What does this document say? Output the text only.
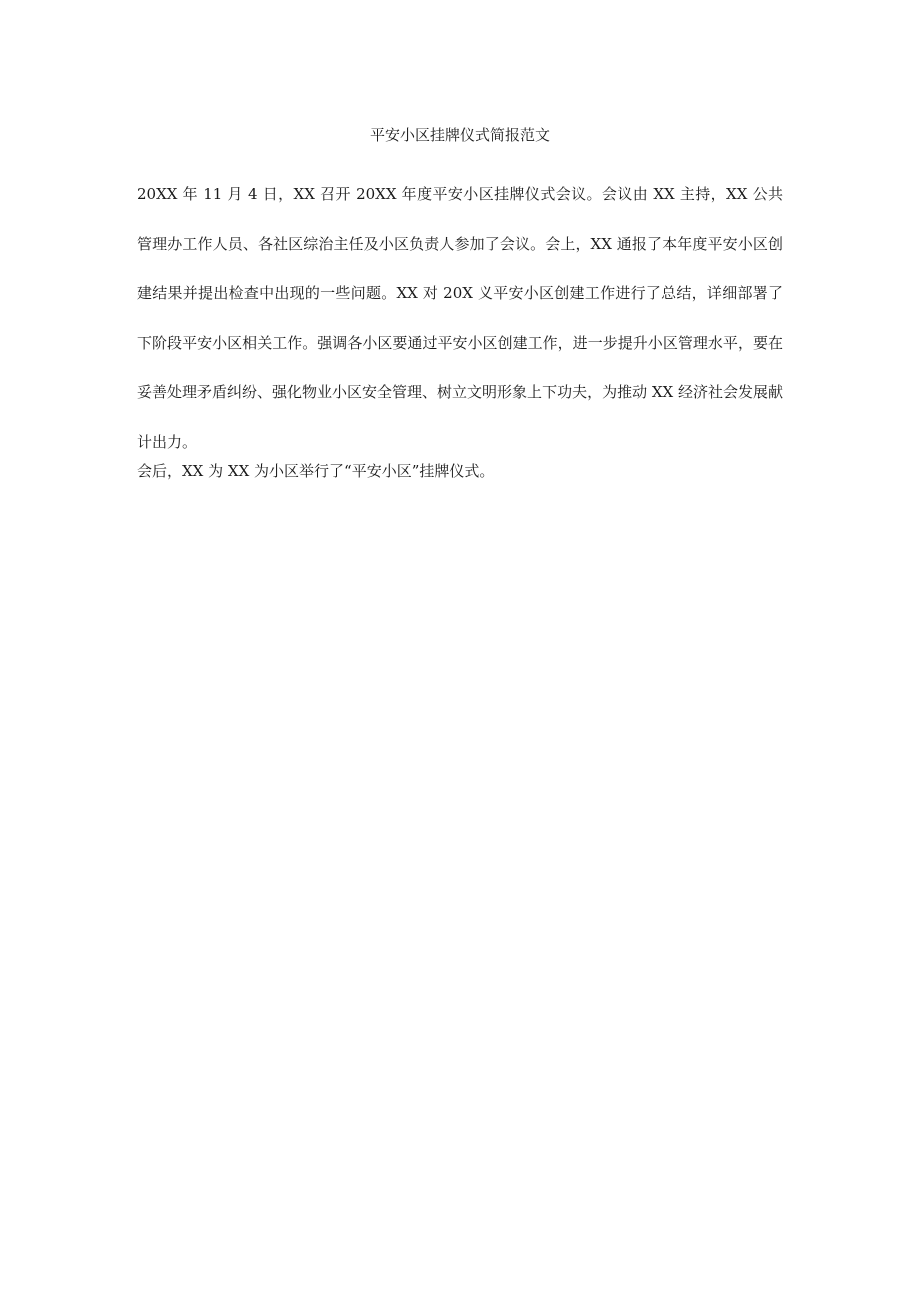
平安小区挂牌仪式简报范文

20XX 年 11 月 4 日，XX 召开 20XX 年度平安小区挂牌仪式会议。会议由 XX 主持，XX 公共管理办工作人员、各社区综治主任及小区负责人参加了会议。会上，XX 通报了本年度平安小区创建结果并提出检查中出现的一些问题。XX 对 20X 义平安小区创建工作进行了总结，详细部署了下阶段平安小区相关工作。强调各小区要通过平安小区创建工作，进一步提升小区管理水平，要在妥善处理矛盾纠纷、强化物业小区安全管理、树立文明形象上下功夫，为推动 XX 经济社会发展献计出力。

会后，XX 为 XX 为小区举行了“平安小区”挂牌仪式。
